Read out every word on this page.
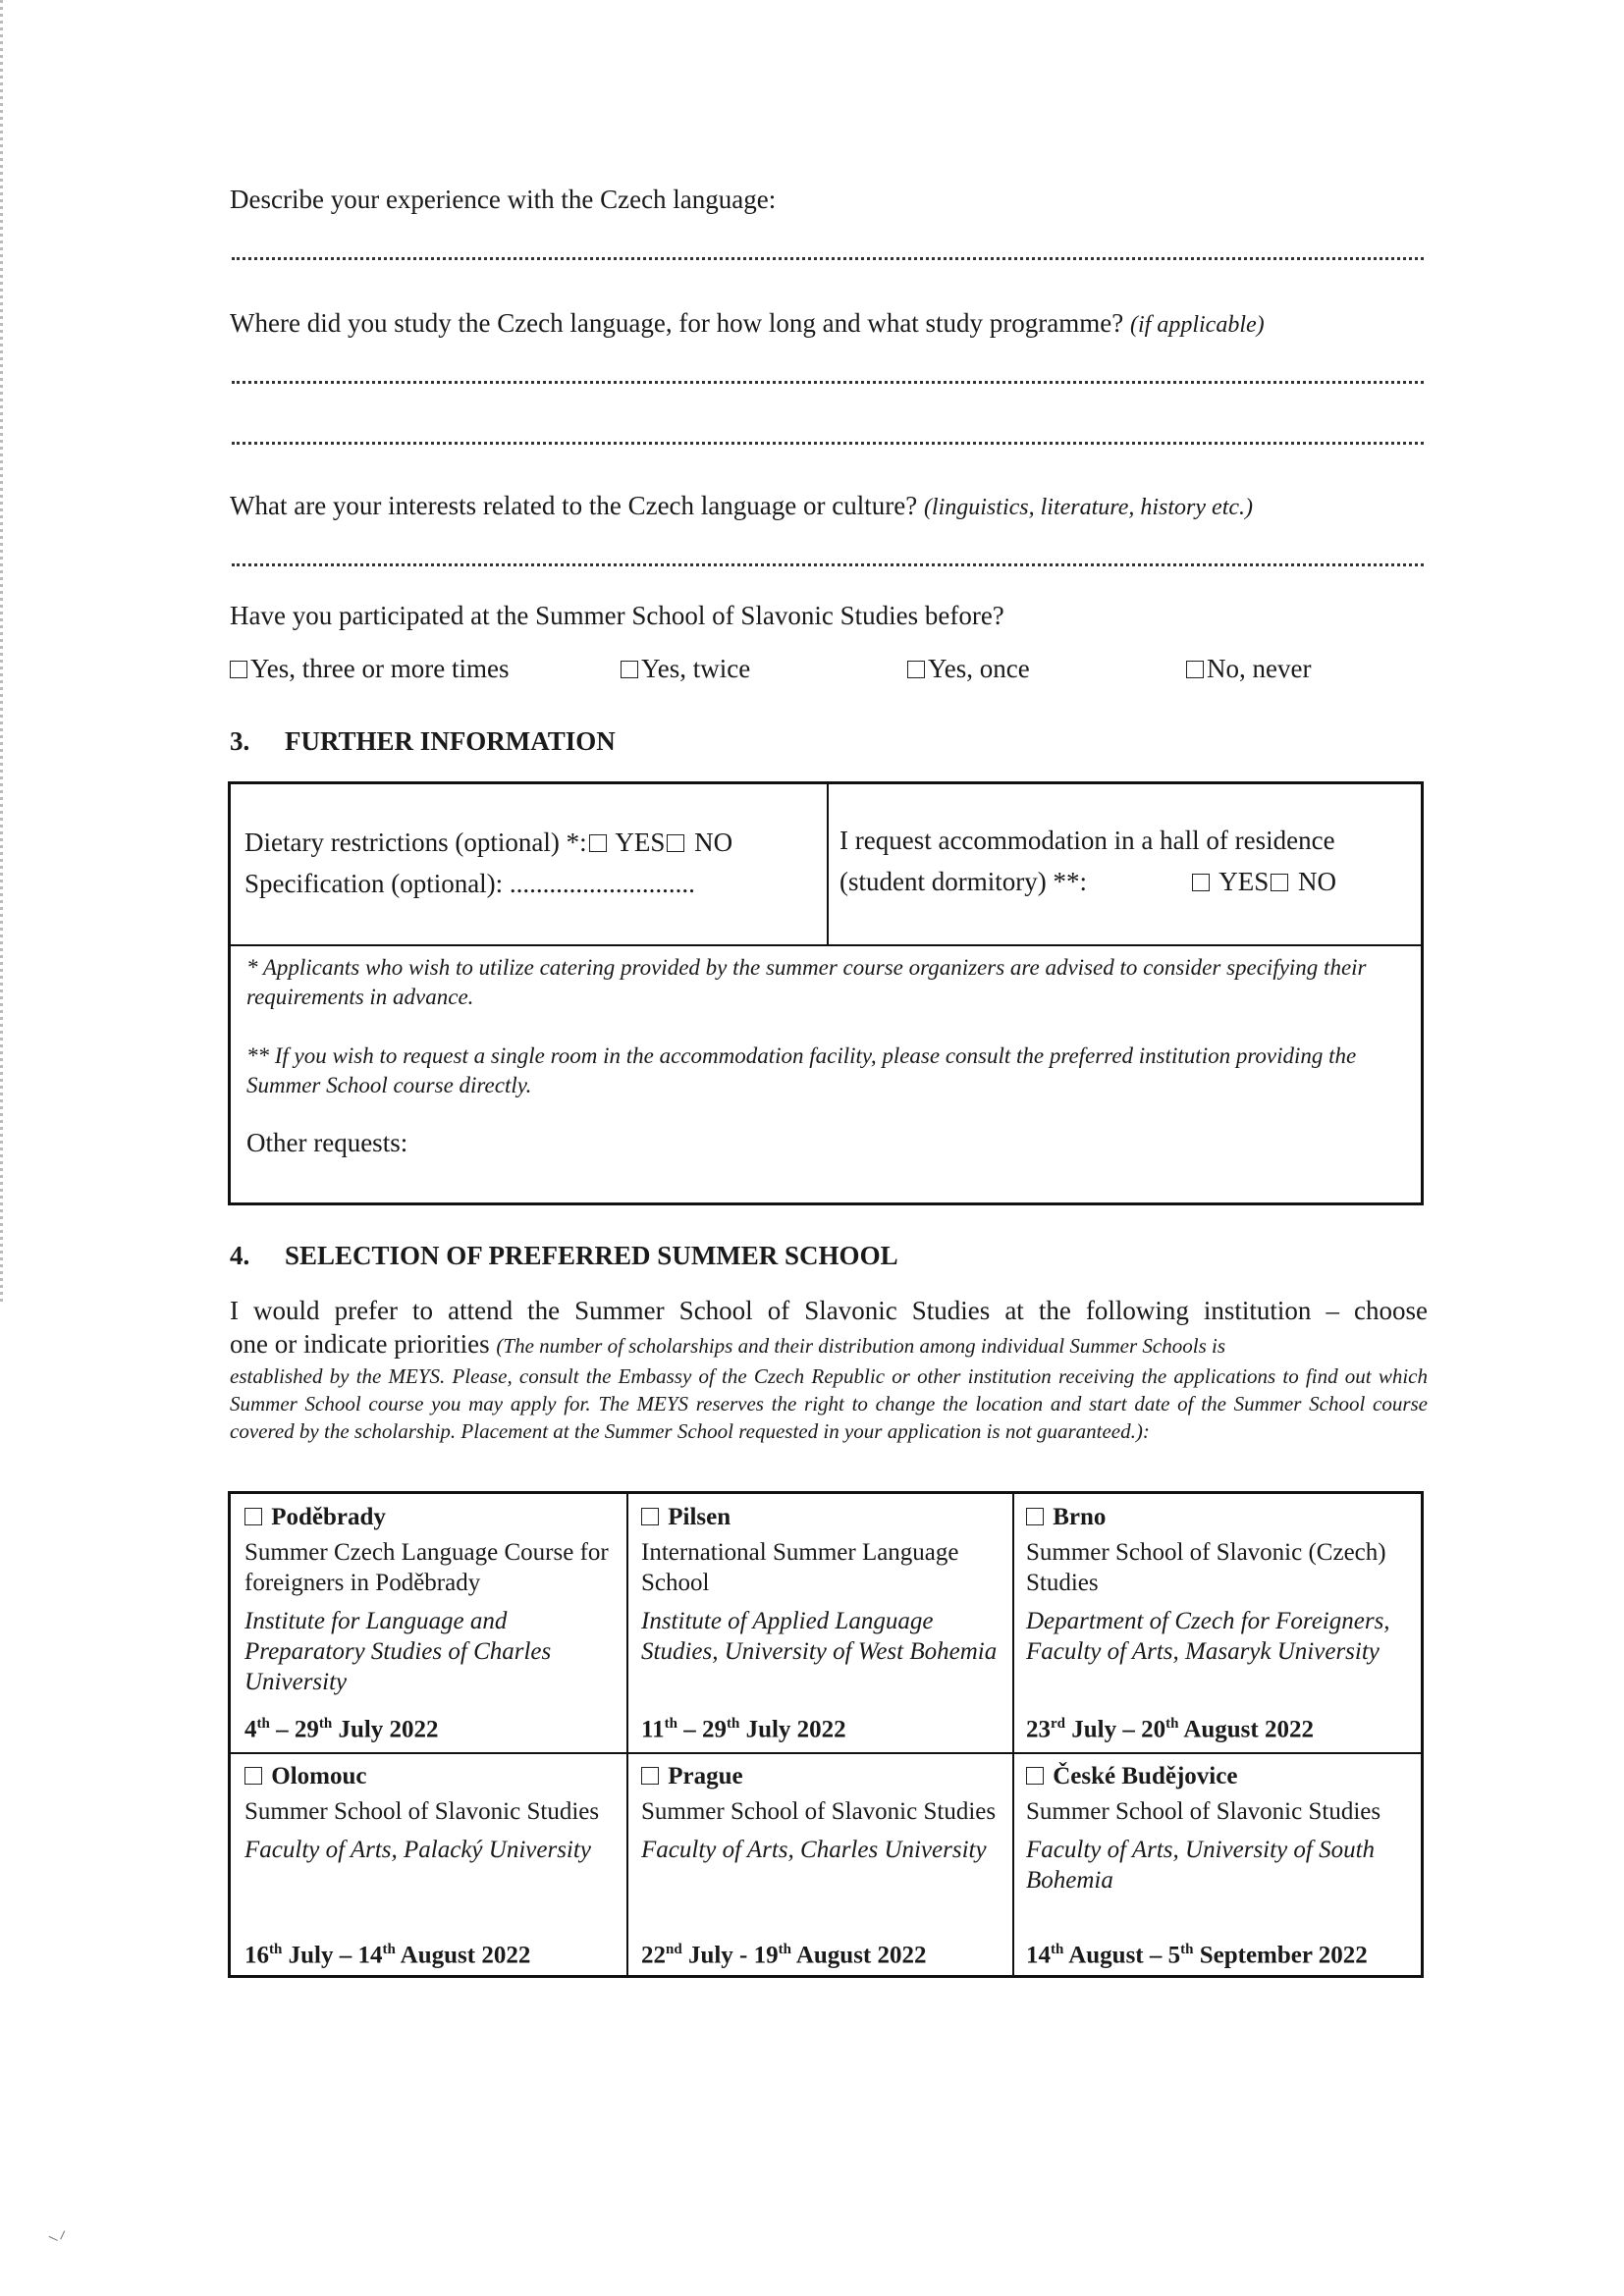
Describe your experience with the Czech language:
Where did you study the Czech language, for how long and what study programme? (if applicable)
What are your interests related to the Czech language or culture? (linguistics, literature, history etc.)
Have you participated at the Summer School of Slavonic Studies before?
Yes, three or more times	Yes, twice	Yes, once	No, never
3. FURTHER INFORMATION
Dietary restrictions (optional) *: YES NO
Specification (optional): ............................
I request accommodation in a hall of residence
(student dormitory) **:	YES NO
* Applicants who wish to utilize catering provided by the summer course organizers are advised to consider specifying their requirements in advance.
** If you wish to request a single room in the accommodation facility, please consult the preferred institution providing the Summer School course directly.
Other requests:
4. SELECTION OF PREFERRED SUMMER SCHOOL
I would prefer to attend the Summer School of Slavonic Studies at the following institution – choose
one or indicate priorities (The number of scholarships and their distribution among individual Summer Schools is
established by the MEYS. Please, consult the Embassy of the Czech Republic or other institution receiving the applications to find out which Summer School course you may apply for. The MEYS reserves the right to change the location and start date of the Summer School course covered by the scholarship. Placement at the Summer School requested in your application is not guaranteed.):
Poděbrady
Summer Czech Language Course for foreigners in Poděbrady
Institute for Language and Preparatory Studies of Charles University
4th – 29th July 2022
Pilsen
International Summer Language School
Institute of Applied Language Studies, University of West Bohemia
11th – 29th July 2022
Brno
Summer School of Slavonic (Czech) Studies
Department of Czech for Foreigners, Faculty of Arts, Masaryk University
23rd July – 20th August 2022
Olomouc
Summer School of Slavonic Studies
Faculty of Arts, Palacký University
16th July – 14th August 2022
Prague
Summer School of Slavonic Studies
Faculty of Arts, Charles University
22nd July - 19th August 2022
České Budějovice
Summer School of Slavonic Studies
Faculty of Arts, University of South Bohemia
14th August – 5th September 2022
⸌⸍
